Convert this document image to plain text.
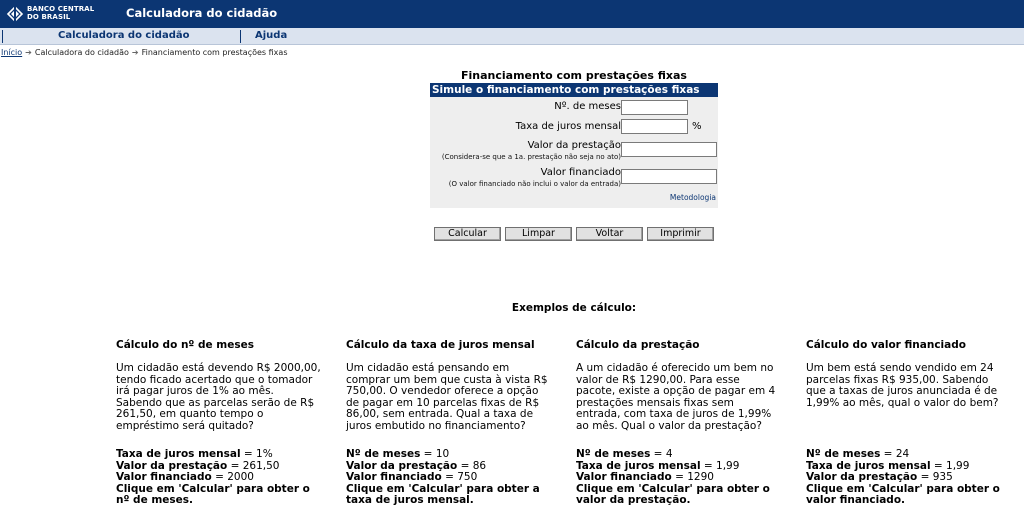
BANCO CENTRAL
DO BRASIL	Calculadora do cidadão
Calculadora do cidadão	Ajuda
Início ➔ Calculadora do cidadão ➔ Financiamento com prestações fixas
Financiamento com prestações fixas
Simule o financiamento com prestações fixas
Nº. de meses
Taxa de juros mensal	%
Valor da prestação
(Considera-se que a 1a. prestação não seja no ato)
Valor financiado
(O valor financiado não inclui o valor da entrada)
Metodologia
Calcular	Limpar	Voltar	Imprimir
Exemplos de cálculo:
Cálculo do nº de meses
Um cidadão está devendo R$ 2000,00, tendo ficado acertado que o tomador irá pagar juros de 1% ao mês. Sabendo que as parcelas serão de R$ 261,50, em quanto tempo o empréstimo será quitado?
Taxa de juros mensal = 1%
Valor da prestação = 261,50
Valor financiado = 2000
Clique em 'Calcular' para obter o nº de meses.
Cálculo da taxa de juros mensal
Um cidadão está pensando em comprar um bem que custa à vista R$ 750,00. O vendedor oferece a opção de pagar em 10 parcelas fixas de R$ 86,00, sem entrada. Qual a taxa de juros embutido no financiamento?
Nº de meses = 10
Valor da prestação = 86
Valor financiado = 750
Clique em 'Calcular' para obter a taxa de juros mensal.
Cálculo da prestação
A um cidadão é oferecido um bem no valor de R$ 1290,00. Para esse pacote, existe a opção de pagar em 4 prestações mensais fixas sem entrada, com taxa de juros de 1,99% ao mês. Qual o valor da prestação?
Nº de meses = 4
Taxa de juros mensal = 1,99
Valor financiado = 1290
Clique em 'Calcular' para obter o valor da prestação.
Cálculo do valor financiado
Um bem está sendo vendido em 24 parcelas fixas R$ 935,00. Sabendo que a taxas de juros anunciada é de 1,99% ao mês, qual o valor do bem?
Nº de meses = 24
Taxa de juros mensal = 1,99
Valor da prestação = 935
Clique em 'Calcular' para obter o valor financiado.
